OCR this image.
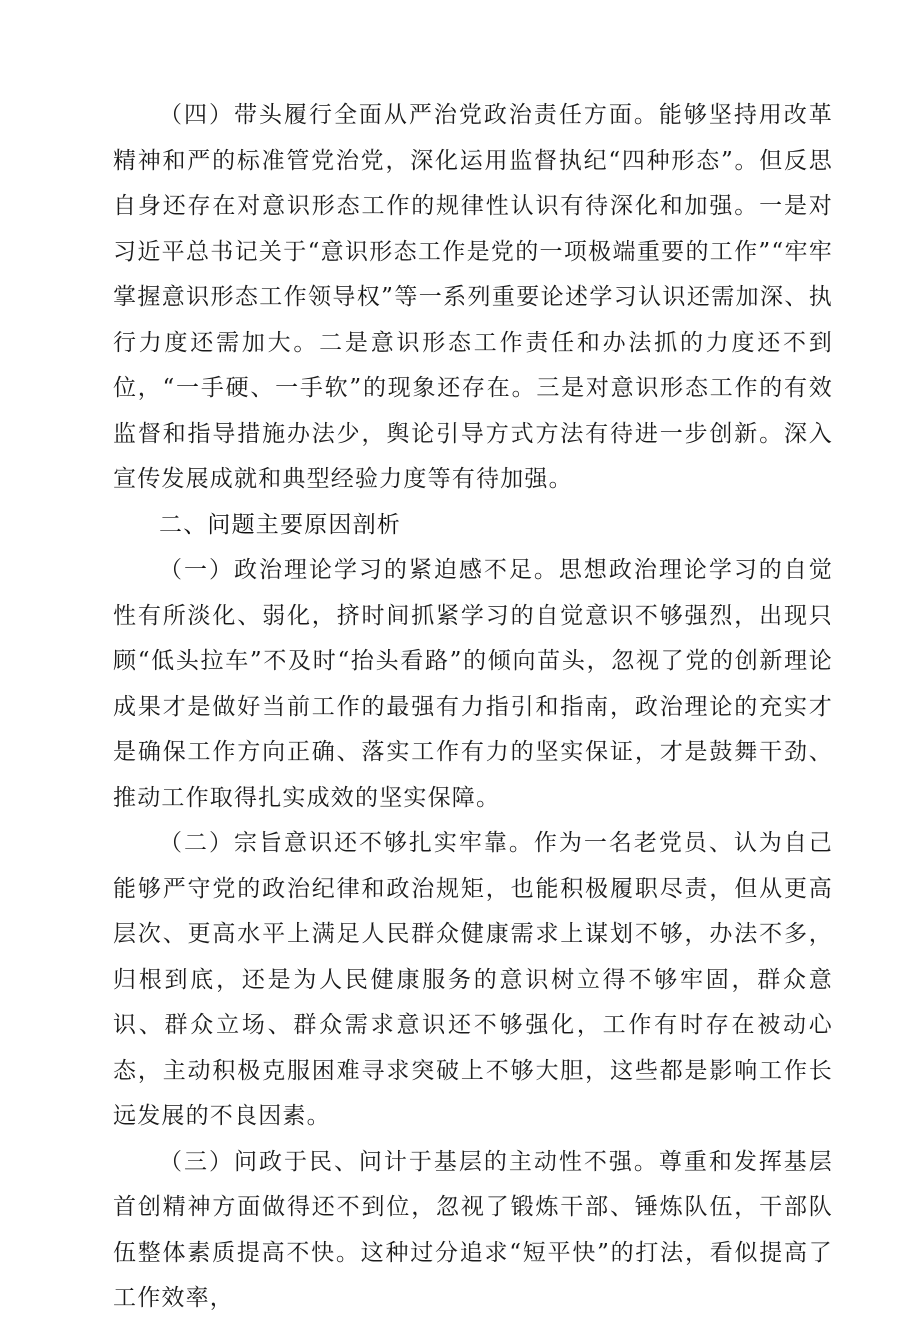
（四）带头履行全面从严治党政治责任方面。能够坚持用改革精神和严的标准管党治党，深化运用监督执纪“四种形态”。但反思自身还存在对意识形态工作的规律性认识有待深化和加强。一是对习近平总书记关于“意识形态工作是党的一项极端重要的工作”“牢牢掌握意识形态工作领导权”等一系列重要论述学习认识还需加深、执行力度还需加大。二是意识形态工作责任和办法抓的力度还不到位，“一手硬、一手软”的现象还存在。三是对意识形态工作的有效监督和指导措施办法少，舆论引导方式方法有待进一步创新。深入宣传发展成就和典型经验力度等有待加强。

二、问题主要原因剖析

（一）政治理论学习的紧迫感不足。思想政治理论学习的自觉性有所淡化、弱化，挤时间抓紧学习的自觉意识不够强烈，出现只顾“低头拉车”不及时“抬头看路”的倾向苗头，忽视了党的创新理论成果才是做好当前工作的最强有力指引和指南，政治理论的充实才是确保工作方向正确、落实工作有力的坚实保证，才是鼓舞干劲、推动工作取得扎实成效的坚实保障。

（二）宗旨意识还不够扎实牢靠。作为一名老党员、认为自己能够严守党的政治纪律和政治规矩，也能积极履职尽责，但从更高层次、更高水平上满足人民群众健康需求上谋划不够，办法不多，归根到底，还是为人民健康服务的意识树立得不够牢固，群众意识、群众立场、群众需求意识还不够强化，工作有时存在被动心态，主动积极克服困难寻求突破上不够大胆，这些都是影响工作长远发展的不良因素。

（三）问政于民、问计于基层的主动性不强。尊重和发挥基层首创精神方面做得还不到位，忽视了锻炼干部、锤炼队伍，干部队伍整体素质提高不快。这种过分追求“短平快”的打法，看似提高了工作效率，
